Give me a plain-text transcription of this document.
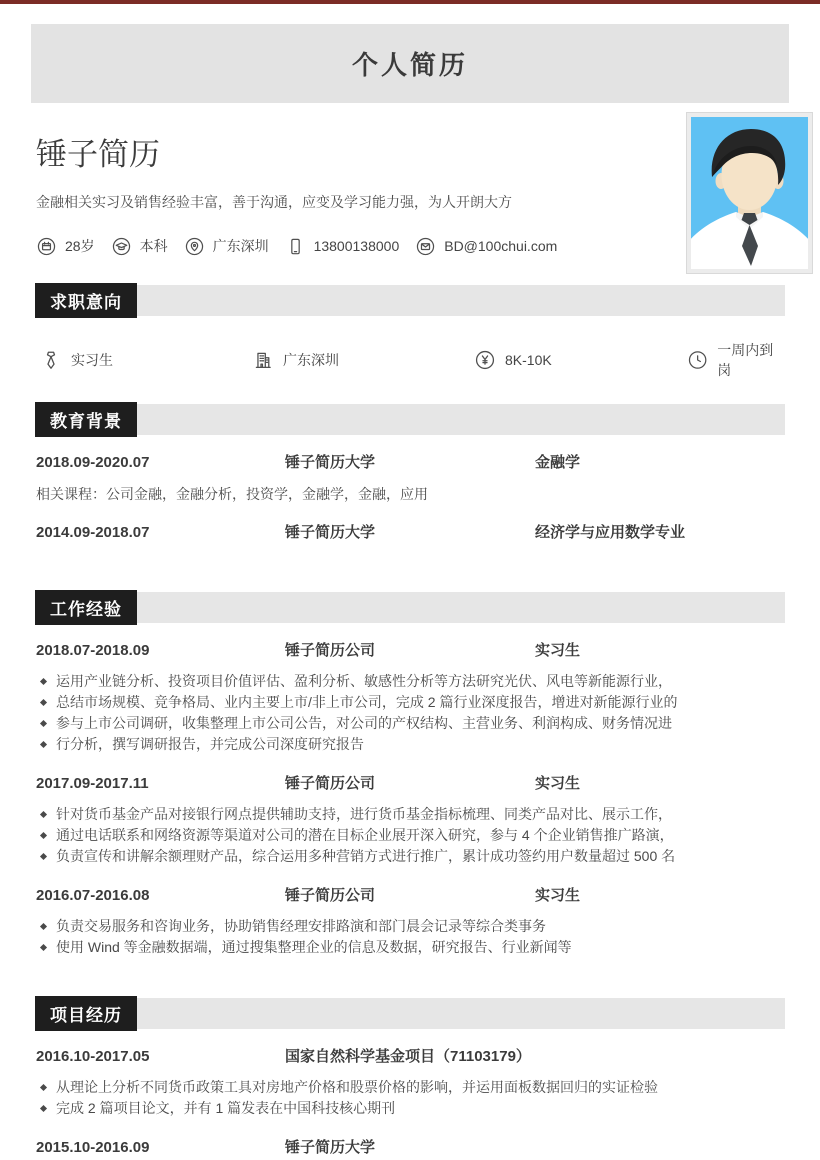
个人简历
锤子简历
金融相关实习及销售经验丰富，善于沟通，应变及学习能力强，为人开朗大方
28岁	本科	广东深圳	13800138000	BD@100chui.com
求职意向
实习生	广东深圳	8K-10K
一周内到岗
教育背景
2018.09-2020.07	锤子简历大学	金融学
相关课程：公司金融，金融分析，投资学，金融学，金融，应用
2014.09-2018.07	锤子简历大学	经济学与应用数学专业
工作经验
2018.07-2018.09	锤子简历公司	实习生
运用产业链分析、投资项目价值评估、盈利分析、敏感性分析等方法研究光伏、风电等新能源行业，
总结市场规模、竞争格局、业内主要上市/非上市公司，完成 2 篇行业深度报告，增进对新能源行业的
参与上市公司调研，收集整理上市公司公告，对公司的产权结构、主营业务、利润构成、财务情况进
行分析，撰写调研报告，并完成公司深度研究报告
2017.09-2017.11	锤子简历公司	实习生
针对货币基金产品对接银行网点提供辅助支持，进行货币基金指标梳理、同类产品对比、展示工作，
通过电话联系和网络资源等渠道对公司的潜在目标企业展开深入研究，参与 4 个企业销售推广路演，
负责宣传和讲解余额理财产品，综合运用多种营销方式进行推广，累计成功签约用户数量超过 500 名
2016.07-2016.08	锤子简历公司	实习生
负责交易服务和咨询业务，协助销售经理安排路演和部门晨会记录等综合类事务
使用 Wind 等金融数据端，通过搜集整理企业的信息及数据，研究报告、行业新闻等
项目经历
2016.10-2017.05	国家自然科学基金项目（71103179）
从理论上分析不同货币政策工具对房地产价格和股票价格的影响，并运用面板数据回归的实证检验
完成 2 篇项目论文，并有 1 篇发表在中国科技核心期刊
2015.10-2016.09	锤子简历大学
